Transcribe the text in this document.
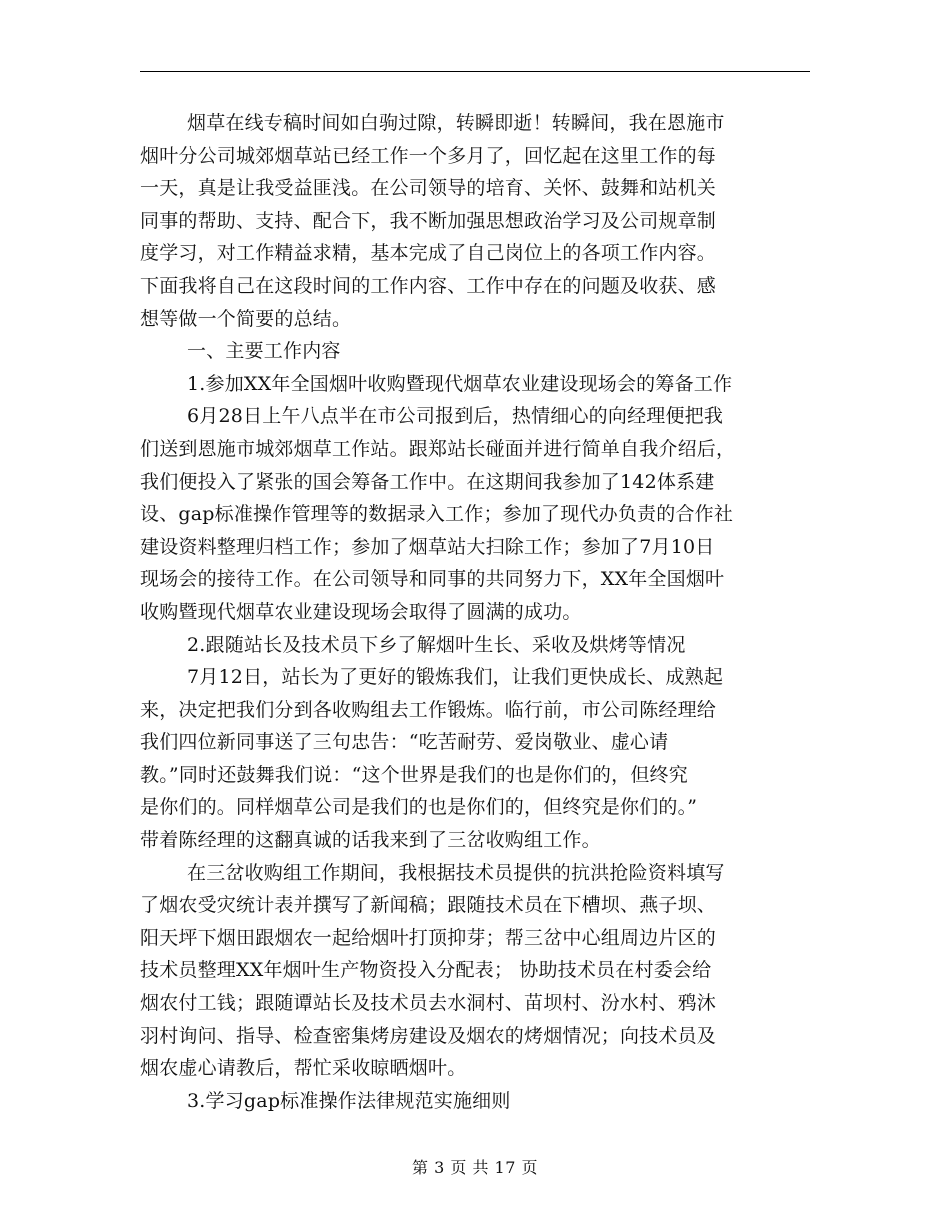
烟草在线专稿时间如白驹过隙，转瞬即逝！转瞬间，我在恩施市
烟叶分公司城郊烟草站已经工作一个多月了，回忆起在这里工作的每
一天，真是让我受益匪浅。在公司领导的培育、关怀、鼓舞和站机关
同事的帮助、支持、配合下，我不断加强思想政治学习及公司规章制
度学习，对工作精益求精，基本完成了自己岗位上的各项工作内容。
下面我将自己在这段时间的工作内容、工作中存在的问题及收获、感
想等做一个简要的总结。
一、主要工作内容
1.参加XX年全国烟叶收购暨现代烟草农业建设现场会的筹备工作
6月28日上午八点半在市公司报到后，热情细心的向经理便把我
们送到恩施市城郊烟草工作站。跟郑站长碰面并进行简单自我介绍后，
我们便投入了紧张的国会筹备工作中。在这期间我参加了142体系建
设、gap标准操作管理等的数据录入工作；参加了现代办负责的合作社
建设资料整理归档工作；参加了烟草站大扫除工作；参加了7月10日
现场会的接待工作。在公司领导和同事的共同努力下，XX年全国烟叶
收购暨现代烟草农业建设现场会取得了圆满的成功。
2.跟随站长及技术员下乡了解烟叶生长、采收及烘烤等情况
7月12日，站长为了更好的锻炼我们，让我们更快成长、成熟起
来，决定把我们分到各收购组去工作锻炼。临行前，市公司陈经理给
我们四位新同事送了三句忠告：“吃苦耐劳、爱岗敬业、虚心请
教。”同时还鼓舞我们说：“这个世界是我们的也是你们的，但终究
是你们的。同样烟草公司是我们的也是你们的，但终究是你们的。”
带着陈经理的这翻真诚的话我来到了三岔收购组工作。
在三岔收购组工作期间，我根据技术员提供的抗洪抢险资料填写
了烟农受灾统计表并撰写了新闻稿；跟随技术员在下槽坝、燕子坝、
阳天坪下烟田跟烟农一起给烟叶打顶抑芽；帮三岔中心组周边片区的
技术员整理XX年烟叶生产物资投入分配表； 协助技术员在村委会给
烟农付工钱；跟随谭站长及技术员去水洞村、苗坝村、汾水村、鸦沐
羽村询问、指导、检查密集烤房建设及烟农的烤烟情况；向技术员及
烟农虚心请教后，帮忙采收晾晒烟叶。
3.学习gap标准操作法律规范实施细则
第 3 页 共 17 页
